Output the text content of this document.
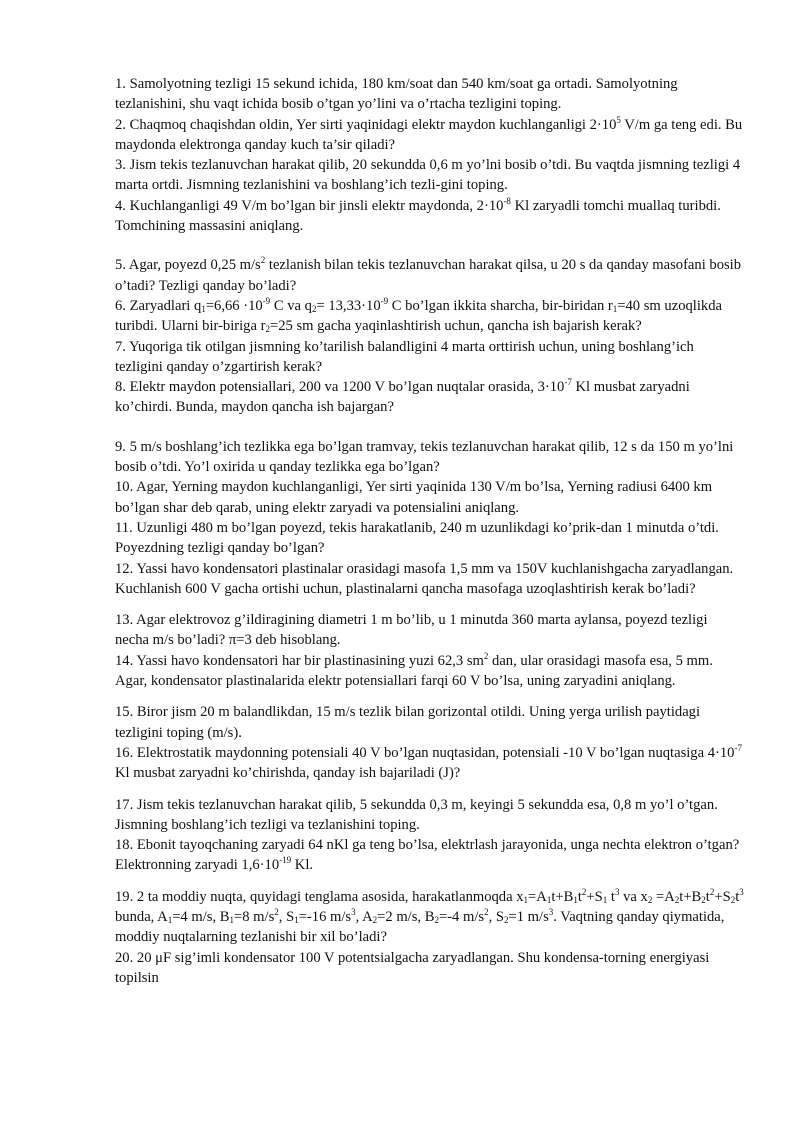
1. Samolyotning tezligi 15 sekund ichida, 180 km/soat dan 540 km/soat ga ortadi. Samolyotning tezlanishini, shu vaqt ichida bosib o’tgan yo’lini va o’rtacha tezligini toping.

2. Chaqmoq chaqishdan oldin, Yer sirti yaqinidagi elektr maydon kuchlanganligi $2\cdot 10^5$ V/m ga teng edi. Bu maydonda elektronga qanday kuch ta’sir qiladi?

3. Jism tekis tezlanuvchan harakat qilib, 20 sekundda 0,6 m yo’lni bosib o’tdi. Bu vaqtda jismning tezligi 4 marta ortdi. Jismning tezlanishini va boshlang’ich tezli-gini toping.

4. Kuchlanganligi 49 V/m bo’lgan bir jinsli elektr maydonda, $2\cdot 10^{-8}$ Kl zaryadli tomchi muallaq turibdi. Tomchining massasini aniqlang.

5. Agar, poyezd 0,25 $m/s^2$ tezlanish bilan tekis tezlanuvchan harakat qilsa, u 20 s da qanday masofani bosib o’tadi? Tezligi qanday bo’ladi?

6. Zaryadlari $q_1=6,66 \cdot 10^{-9}$ C va $q_2= 13,33\cdot 10^{-9}$ C bo’lgan ikkita sharcha, bir-biridan $r_1=40$ sm uzoqlikda turibdi. Ularni bir-biriga $r_2=25$ sm gacha yaqinlashtirish uchun, qancha ish bajarish kerak?

7. Yuqoriga tik otilgan jismning ko’tarilish balandligini 4 marta orttirish uchun, uning boshlang’ich tezligini qanday o’zgartirish kerak?

8. Elektr maydon potensiallari, 200 va 1200 V bo’lgan nuqtalar orasida, $3\cdot 10^{-7}$ Kl musbat zaryadni ko’chirdi. Bunda, maydon qancha ish bajargan?

9. 5 m/s boshlang’ich tezlikka ega bo’lgan tramvay, tekis tezlanuvchan harakat qilib, 12 s da 150 m yo’lni bosib o’tdi. Yo’l oxirida u qanday tezlikka ega bo’lgan?

10. Agar, Yerning maydon kuchlanganligi, Yer sirti yaqinida 130 V/m bo’lsa, Yerning radiusi 6400 km bo’lgan shar deb qarab, uning elektr zaryadi va potensialini aniqlang.

11. Uzunligi 480 m bo’lgan poyezd, tekis harakatlanib, 240 m uzunlikdagi ko’prik-dan 1 minutda o’tdi. Poyezdning tezligi qanday bo’lgan?

12. Yassi havo kondensatori plastinalar orasidagi masofa 1,5 mm va 150V kuchlanishgacha zaryadlangan. Kuchlanish 600 V gacha ortishi uchun, plastinalarni qancha masofaga uzoqlashtirish kerak bo’ladi?

13. Agar elektrovoz g’ildiragining diametri 1 m bo’lib, u 1 minutda 360 marta aylansa, poyezd tezligi necha m/s bo’ladi? π=3 deb hisoblang.

14. Yassi havo kondensatori har bir plastinasining yuzi 62,3 $sm^2$ dan, ular orasidagi masofa esa, 5 mm. Agar, kondensator plastinalarida elektr potensiallari farqi 60 V bo’lsa, uning zaryadini aniqlang.

15. Biror jism 20 m balandlikdan, 15 m/s tezlik bilan gorizontal otildi. Uning yerga urilish paytidagi tezligini toping (m/s).

16. Elektrostatik maydonning potensiali 40 V bo’lgan nuqtasidan, potensiali -10 V bo’lgan nuqtasiga $4\cdot 10^{-7}$ Kl musbat zaryadni ko’chirishda, qanday ish bajariladi (J)?

17. Jism tekis tezlanuvchan harakat qilib, 5 sekundda 0,3 m, keyingi 5 sekundda esa, 0,8 m yo’l o’tgan. Jismning boshlang’ich tezligi va tezlanishini toping.

18. Ebonit tayoqchaning zaryadi 64 nKl ga teng bo’lsa, elektrlash jarayonida, unga nechta elektron o’tgan? Elektronning zaryadi $1,6\cdot 10^{-19}$ Kl.

19. 2 ta moddiy nuqta, quyidagi tenglama asosida, harakatlanmoqda $x_1=A_1t+B_1t^2+S_1$ $t^3$ va $x_2 =A_2t+B_2t^2+S_2t^3$ bunda, $A_1=4$ m/s, $B_1=8$ $m/s^2$, $S_1=-16$ $m/s^3$, $A_2=2$ m/s, $B_2=-4$ $m/s^2$, $S_2=1$ $m/s^3$. Vaqtning qanday qiymatida, moddiy nuqtalarning tezlanishi bir xil bo’ladi?

20. 20 μF sig’imli kondensator 100 V potentsialgacha zaryadlangan. Shu kondensa-torning energiyasi topilsin
